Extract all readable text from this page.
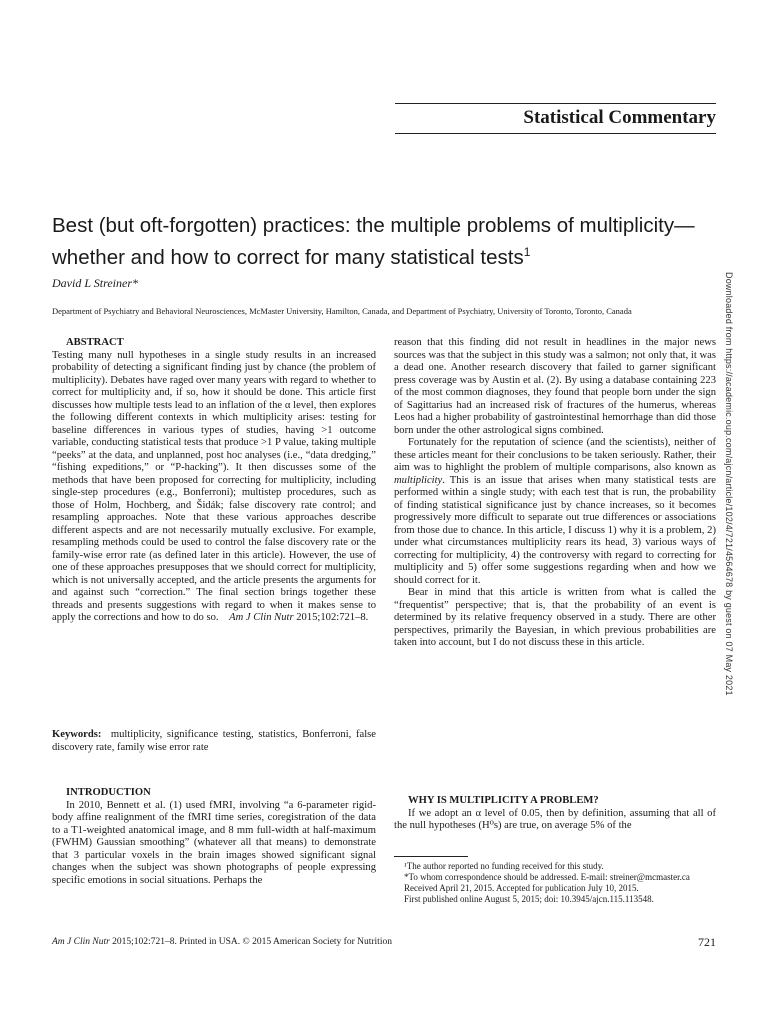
Statistical Commentary
Best (but oft-forgotten) practices: the multiple problems of multiplicity—whether and how to correct for many statistical tests$^1$
David L Streiner*
Department of Psychiatry and Behavioral Neurosciences, McMaster University, Hamilton, Canada, and Department of Psychiatry, University of Toronto, Toronto, Canada	Downloaded from https://academic.oup.com/ajcn/article/102/4/721/4564678 by guest on 07 May 2021

ABSTRACT

Testing many null hypotheses in a single study results in an increased probability of detecting a significant finding just by chance (the problem of multiplicity). Debates have raged over many years with regard to whether to correct for multiplicity and, if so, how it should be done. This article first discusses how multiple tests lead to an inflation of the α level, then explores the following different contexts in which multiplicity arises: testing for baseline differences in various types of studies, having >1 outcome variable, conducting statistical tests that produce >1 P value, taking multiple “peeks” at the data, and unplanned, post hoc analyses (i.e., “data dredging,” “fishing expeditions,” or “P-hacking”). It then discusses some of the methods that have been proposed for correcting for multiplicity, including single-step procedures (e.g., Bonferroni); multistep procedures, such as those of Holm, Hochberg, and Šidák; false discovery rate control; and resampling approaches. Note that these various approaches describe different aspects and are not necessarily mutually exclusive. For example, resampling methods could be used to control the false discovery rate or the family-wise error rate (as defined later in this article). However, the use of one of these approaches presupposes that we should correct for multiplicity, which is not universally accepted, and the article presents the arguments for and against such “correction.” The final section brings together these threads and presents suggestions with regard to when it makes sense to apply the corrections and how to do so. Am J Clin Nutr 2015;102:721–8.

Keywords: multiplicity, significance testing, statistics, Bonferroni, false discovery rate, family wise error rate

INTRODUCTION

In 2010, Bennett et al. (1) used fMRI, involving “a 6-parameter rigid-body affine realignment of the fMRI time series, coregistration of the data to a T1-weighted anatomical image, and 8 mm full-width at half-maximum (FWHM) Gaussian smoothing” (whatever all that means) to demonstrate that 3 particular voxels in the brain images showed significant signal changes when the subject was shown photographs of people expressing specific emotions in social situations. Perhaps the

reason that this finding did not result in headlines in the major news sources was that the subject in this study was a salmon; not only that, it was a dead one. Another research discovery that failed to garner significant press coverage was by Austin et al. (2). By using a database containing 223 of the most common diagnoses, they found that people born under the sign of Sagittarius had an increased risk of fractures of the humerus, whereas Leos had a higher probability of gastrointestinal hemorrhage than did those born under the other astrological signs combined.

Fortunately for the reputation of science (and the scientists), neither of these articles meant for their conclusions to be taken seriously. Rather, their aim was to highlight the problem of multiple comparisons, also known as multiplicity. This is an issue that arises when many statistical tests are performed within a single study; with each test that is run, the probability of finding statistical significance just by chance increases, so it becomes progressively more difficult to separate out true differences or associations from those due to chance. In this article, I discuss 1) why it is a problem, 2) under what circumstances multiplicity rears its head, 3) various ways of correcting for multiplicity, 4) the controversy with regard to correcting for multiplicity and 5) offer some suggestions regarding when and how we should correct for it.

Bear in mind that this article is written from what is called the “frequentist” perspective; that is, that the probability of an event is determined by its relative frequency observed in a study. There are other perspectives, primarily the Bayesian, in which previous probabilities are taken into account, but I do not discuss these in this article.

WHY IS MULTIPLICITY A PROBLEM?

If we adopt an α level of 0.05, then by definition, assuming that all of the null hypotheses (H⁰s) are true, on average 5% of the

¹The author reported no funding received for this study.

*To whom correspondence should be addressed. E-mail: streiner@mcmaster.ca

Received April 21, 2015. Accepted for publication July 10, 2015.

First published online August 5, 2015; doi: 10.3945/ajcn.115.113548.

Am J Clin Nutr 2015;102:721–8. Printed in USA. © 2015 American Society for Nutrition	721
